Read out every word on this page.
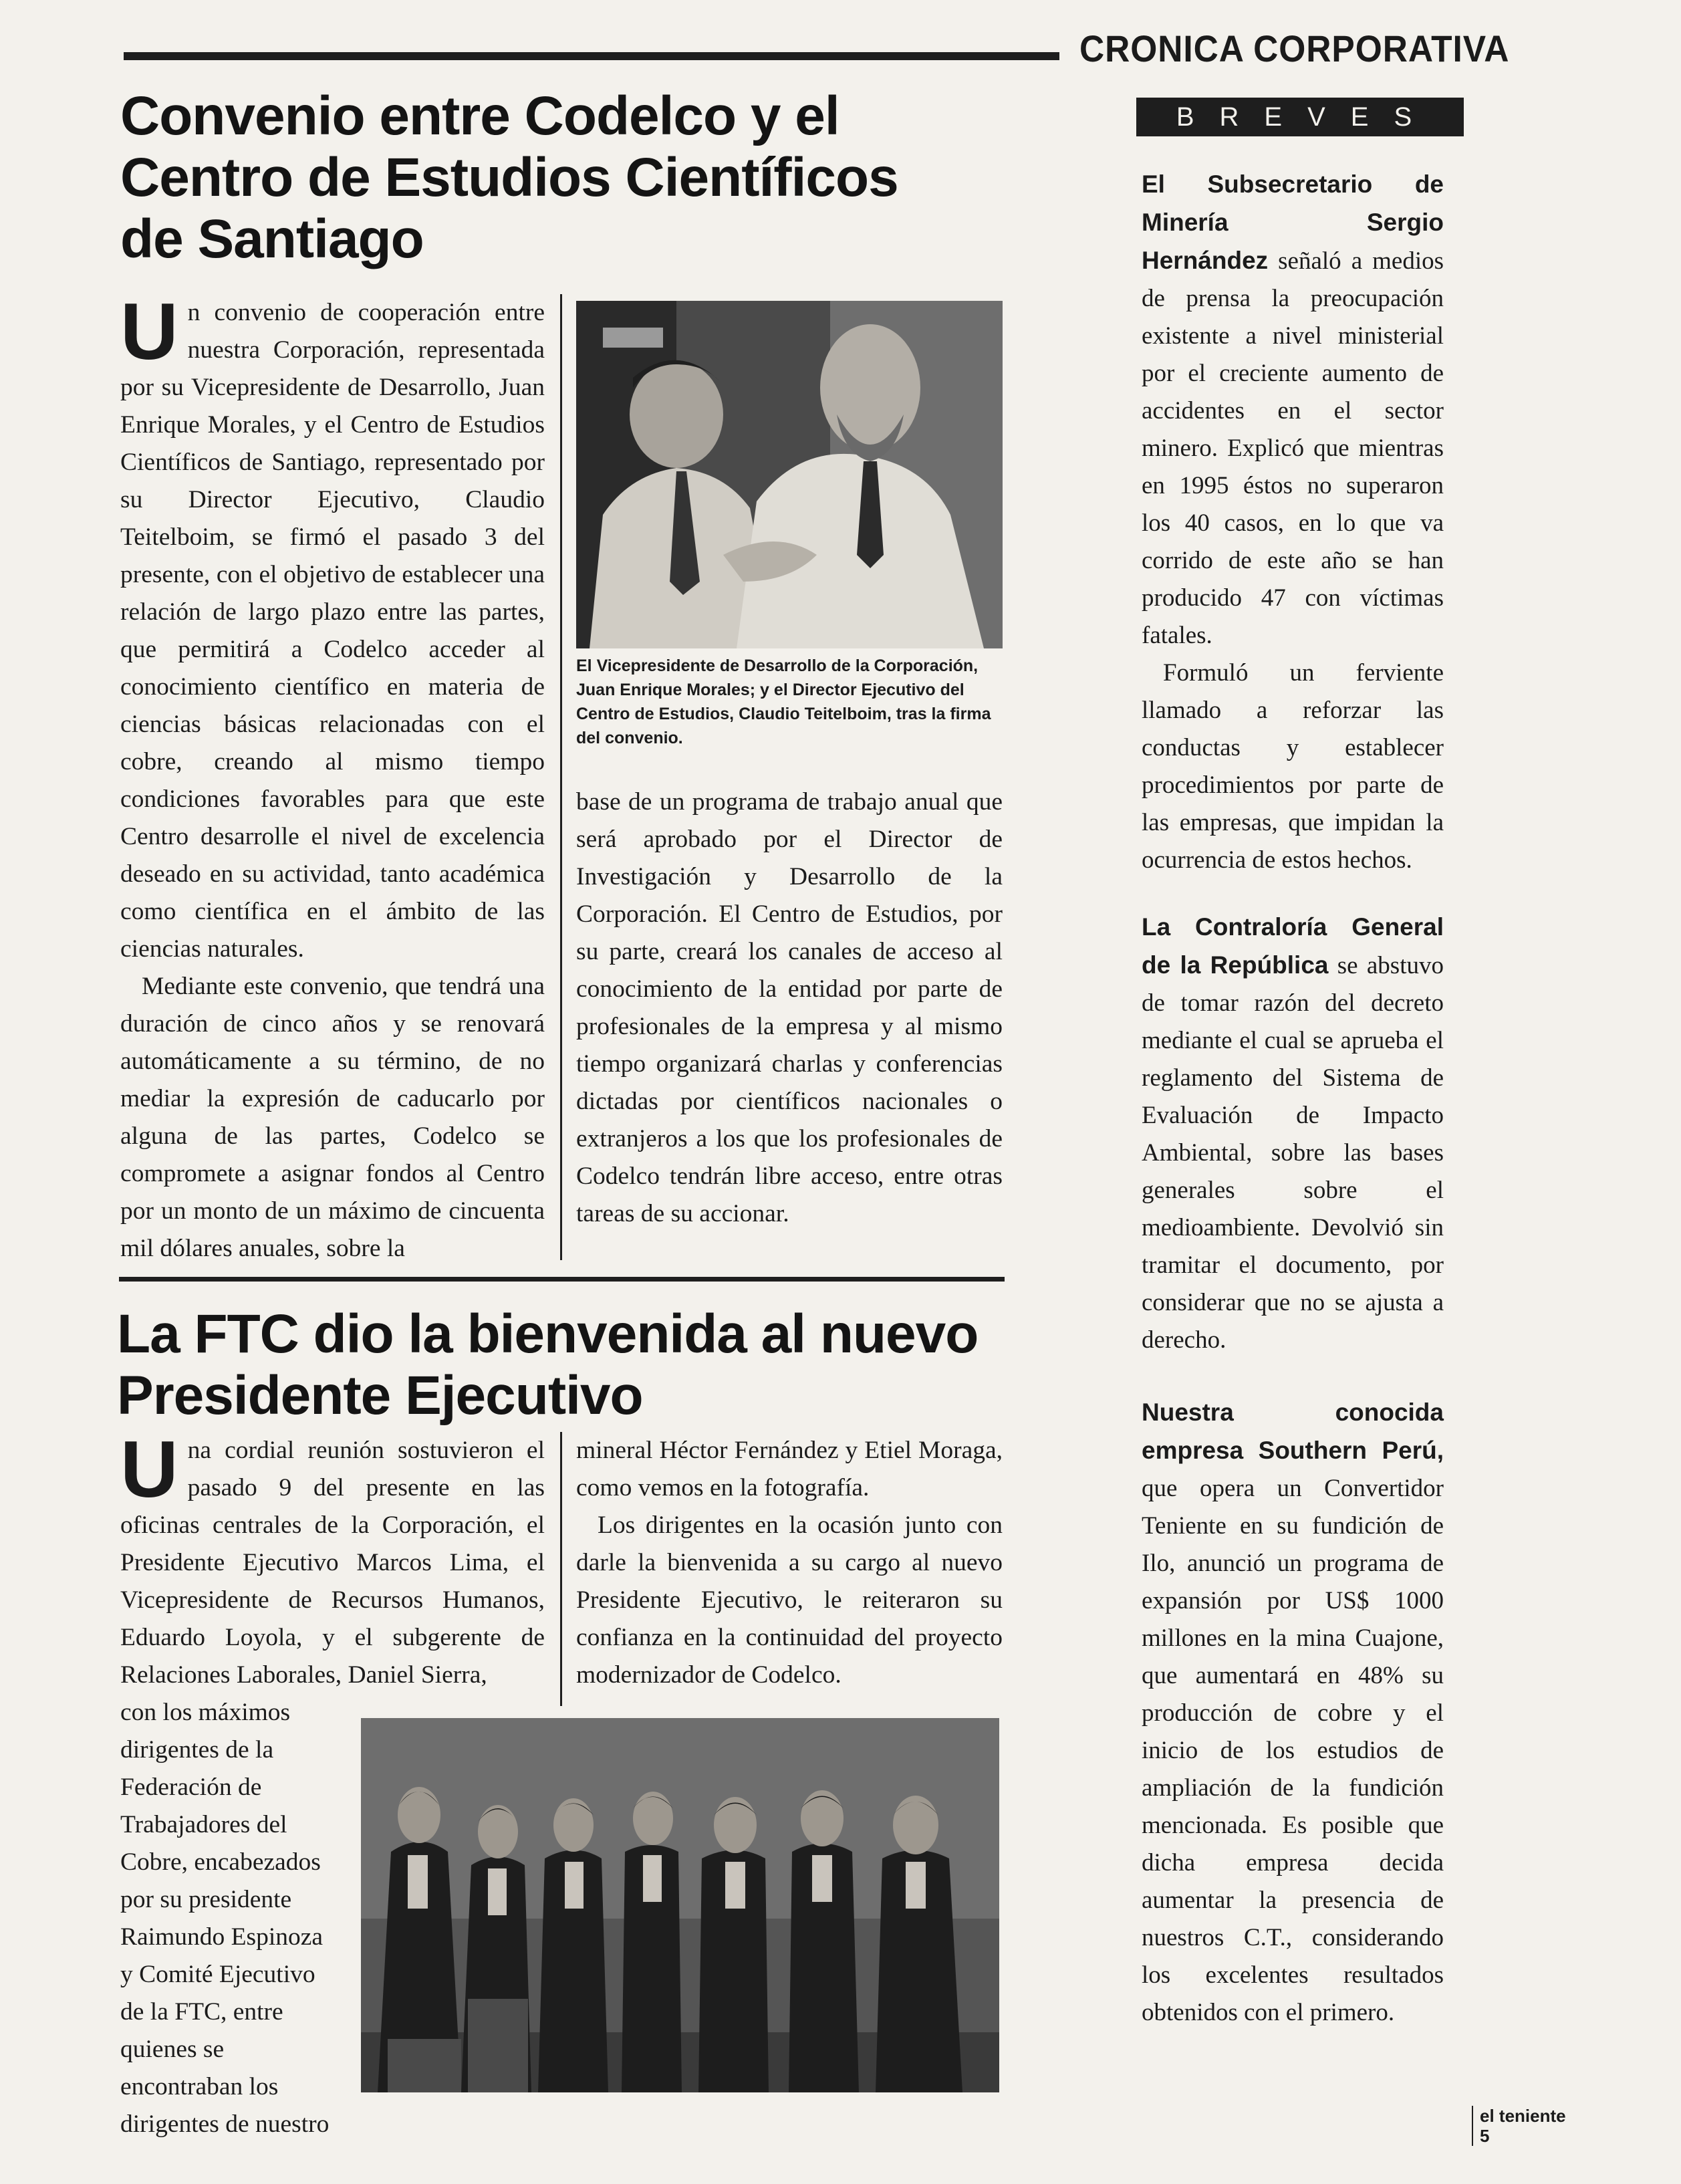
CRONICA CORPORATIVA
BREVES
Convenio entre Codelco y el
Centro de Estudios Científicos
de Santiago

U n convenio de cooperación entre nuestra Corporación, representada por su Vicepresidente de Desarrollo, Juan Enrique Morales, y el Centro de Estudios Científicos de Santiago, representado por su Director Ejecutivo, Claudio Teitelboim, se firmó el pasado 3 del presente, con el objetivo de establecer una relación de largo plazo entre las partes, que permitirá a Codelco acceder al conocimiento científico en materia de ciencias básicas relacionadas con el cobre, creando al mismo tiempo condiciones favorables para que este Centro desarrolle el nivel de excelencia deseado en su actividad, tanto académica como científica en el ámbito de las ciencias naturales.

Mediante este convenio, que tendrá una duración de cinco años y se renovará automáticamente a su término, de no mediar la expresión de caducarlo por alguna de las partes, Codelco se compromete a asignar fondos al Centro por un monto de un máximo de cincuenta mil dólares anuales, sobre la

El Vicepresidente de Desarrollo de la Corporación, Juan Enrique Morales; y el Director Ejecutivo del Centro de Estudios, Claudio Teitelboim, tras la firma del convenio.

base de un programa de trabajo anual que será aprobado por el Director de Investigación y Desarrollo de la Corporación. El Centro de Estudios, por su parte, creará los canales de acceso al conocimiento de la entidad por parte de profesionales de la empresa y al mismo tiempo organizará charlas y conferencias dictadas por científicos nacionales o extranjeros a los que los profesionales de Codelco tendrán libre acceso, entre otras tareas de su accionar.

La FTC dio la bienvenida al nuevo
Presidente Ejecutivo

U na cordial reunión sostuvieron el pasado 9 del presente en las oficinas centrales de la Corporación, el Presidente Ejecutivo Marcos Lima, el Vicepresidente de Recursos Humanos, Eduardo Loyola, y el subgerente de Relaciones Laborales, Daniel Sierra,

mineral Héctor Fernández y Etiel Moraga, como vemos en la fotografía.

Los dirigentes en la ocasión junto con darle la bienvenida a su cargo al nuevo Presidente Ejecutivo, le reiteraron su confianza en la continuidad del proyecto modernizador de Codelco.

con los máximos dirigentes de la Federación de Trabajadores del Cobre, encabezados por su presidente Raimundo Espinoza y Comité Ejecutivo de la FTC, entre quienes se encontraban los dirigentes de nuestro

El Subsecretario de Minería Sergio Hernández señaló a medios de prensa la preocupación existente a nivel ministerial por el creciente aumento de accidentes en el sector minero. Explicó que mientras en 1995 éstos no superaron los 40 casos, en lo que va corrido de este año se han producido 47 con víctimas fatales.
Formuló un ferviente llamado a reforzar las conductas y establecer procedimientos por parte de las empresas, que impidan la ocurrencia de estos hechos.
La Contraloría General de la República se abstuvo de tomar razón del decreto mediante el cual se aprueba el reglamento del Sistema de Evaluación de Impacto Ambiental, sobre las bases generales sobre el medioambiente. Devolvió sin tramitar el documento, por considerar que no se ajusta a derecho.
Nuestra conocida empresa Southern Perú, que opera un Convertidor Teniente en su fundición de Ilo, anunció un programa de expansión por US$ 1000 millones en la mina Cuajone, que aumentará en 48% su producción de cobre y el inicio de los estudios de ampliación de la fundición mencionada. Es posible que dicha empresa decida aumentar la presencia de nuestros C.T., considerando los excelentes resultados obtenidos con el primero.
el teniente
5
